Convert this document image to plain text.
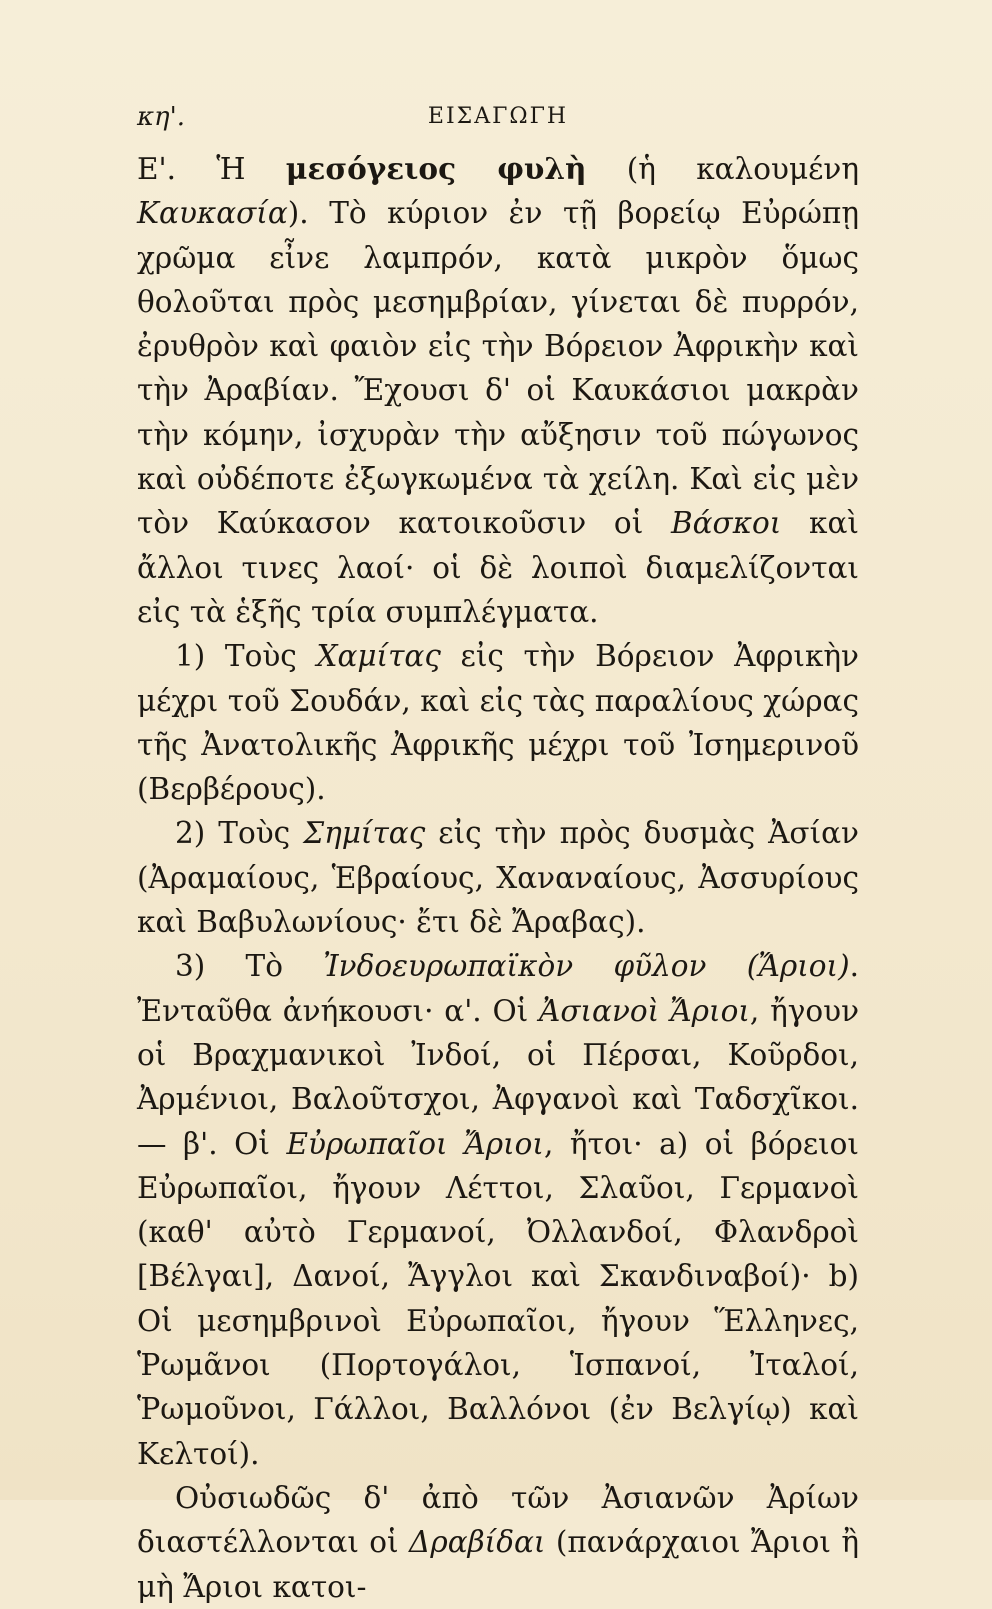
κη'.	ΕΙΣΑΓΩΓΗ

Ε'. Ἡ μεσόγειος φυλὴ (ἡ καλουμένη Καυκασία). Τὸ κύριον ἐν τῇ βορείῳ Εὐρώπῃ χρῶμα εἶνε λαμπρόν, κατὰ μικρὸν ὅμως θολοῦται πρὸς μεσημβρίαν, γίνεται δὲ πυρρόν, ἐρυθρὸν καὶ φαιὸν εἰς τὴν Βόρειον Ἀφρικὴν καὶ τὴν Ἀραβίαν. Ἔχουσι δ' οἱ Καυκάσιοι μακρὰν τὴν κόμην, ἰσχυρὰν τὴν αὔξησιν τοῦ πώγωνος καὶ οὐδέποτε ἐξωγκωμένα τὰ χείλη. Καὶ εἰς μὲν τὸν Καύκασον κατοικοῦσιν οἱ Βάσκοι καὶ ἄλλοι τινες λαοί· οἱ δὲ λοιποὶ διαμελίζονται εἰς τὰ ἑξῆς τρία συμπλέγματα.

1) Τοὺς Χαμίτας εἰς τὴν Βόρειον Ἀφρικὴν μέχρι τοῦ Σουδάν, καὶ εἰς τὰς παραλίους χώρας τῆς Ἀνατολικῆς Ἀφρικῆς μέχρι τοῦ Ἰσημερινοῦ (Βερβέρους).

2) Τοὺς Σημίτας εἰς τὴν πρὸς δυσμὰς Ἀσίαν (Ἀραμαίους, Ἑβραίους, Χαναναίους, Ἀσσυρίους καὶ Βαβυλωνίους· ἔτι δὲ Ἄραβας).

3) Τὸ Ἰνδοευρωπαϊκὸν φῦλον (Ἄριοι). Ἐνταῦθα ἀνήκουσι· α'. Οἱ Ἀσιανοὶ Ἄριοι, ἤγουν οἱ Βραχμανικοὶ Ἰνδοί, οἱ Πέρσαι, Κοῦρδοι, Ἀρμένιοι, Βαλοῦτσχοι, Ἀφγανοὶ καὶ Ταδσχῖκοι. — β'. Οἱ Εὐρωπαῖοι Ἄριοι, ἤτοι· a) οἱ βόρειοι Εὐρωπαῖοι, ἤγουν Λέττοι, Σλαῦοι, Γερμανοὶ (καθ' αὐτὸ Γερμανοί, Ὀλλανδοί, Φλανδροὶ [Βέλγαι], Δανοί, Ἄγγλοι καὶ Σκανδιναβοί)· b) Οἱ μεσημβρινοὶ Εὐρωπαῖοι, ἤγουν Ἕλληνες, Ῥωμᾶνοι (Πορτογάλοι, Ἱσπανοί, Ἰταλοί, Ῥωμοῦνοι, Γάλλοι, Βαλλόνοι (ἐν Βελγίῳ) καὶ Κελτοί).

Οὐσιωδῶς δ' ἀπὸ τῶν Ἀσιανῶν Ἀρίων διαστέλλονται οἱ Δραβίδαι (πανάρχαιοι Ἄριοι ἢ μὴ Ἄριοι κατοι-
